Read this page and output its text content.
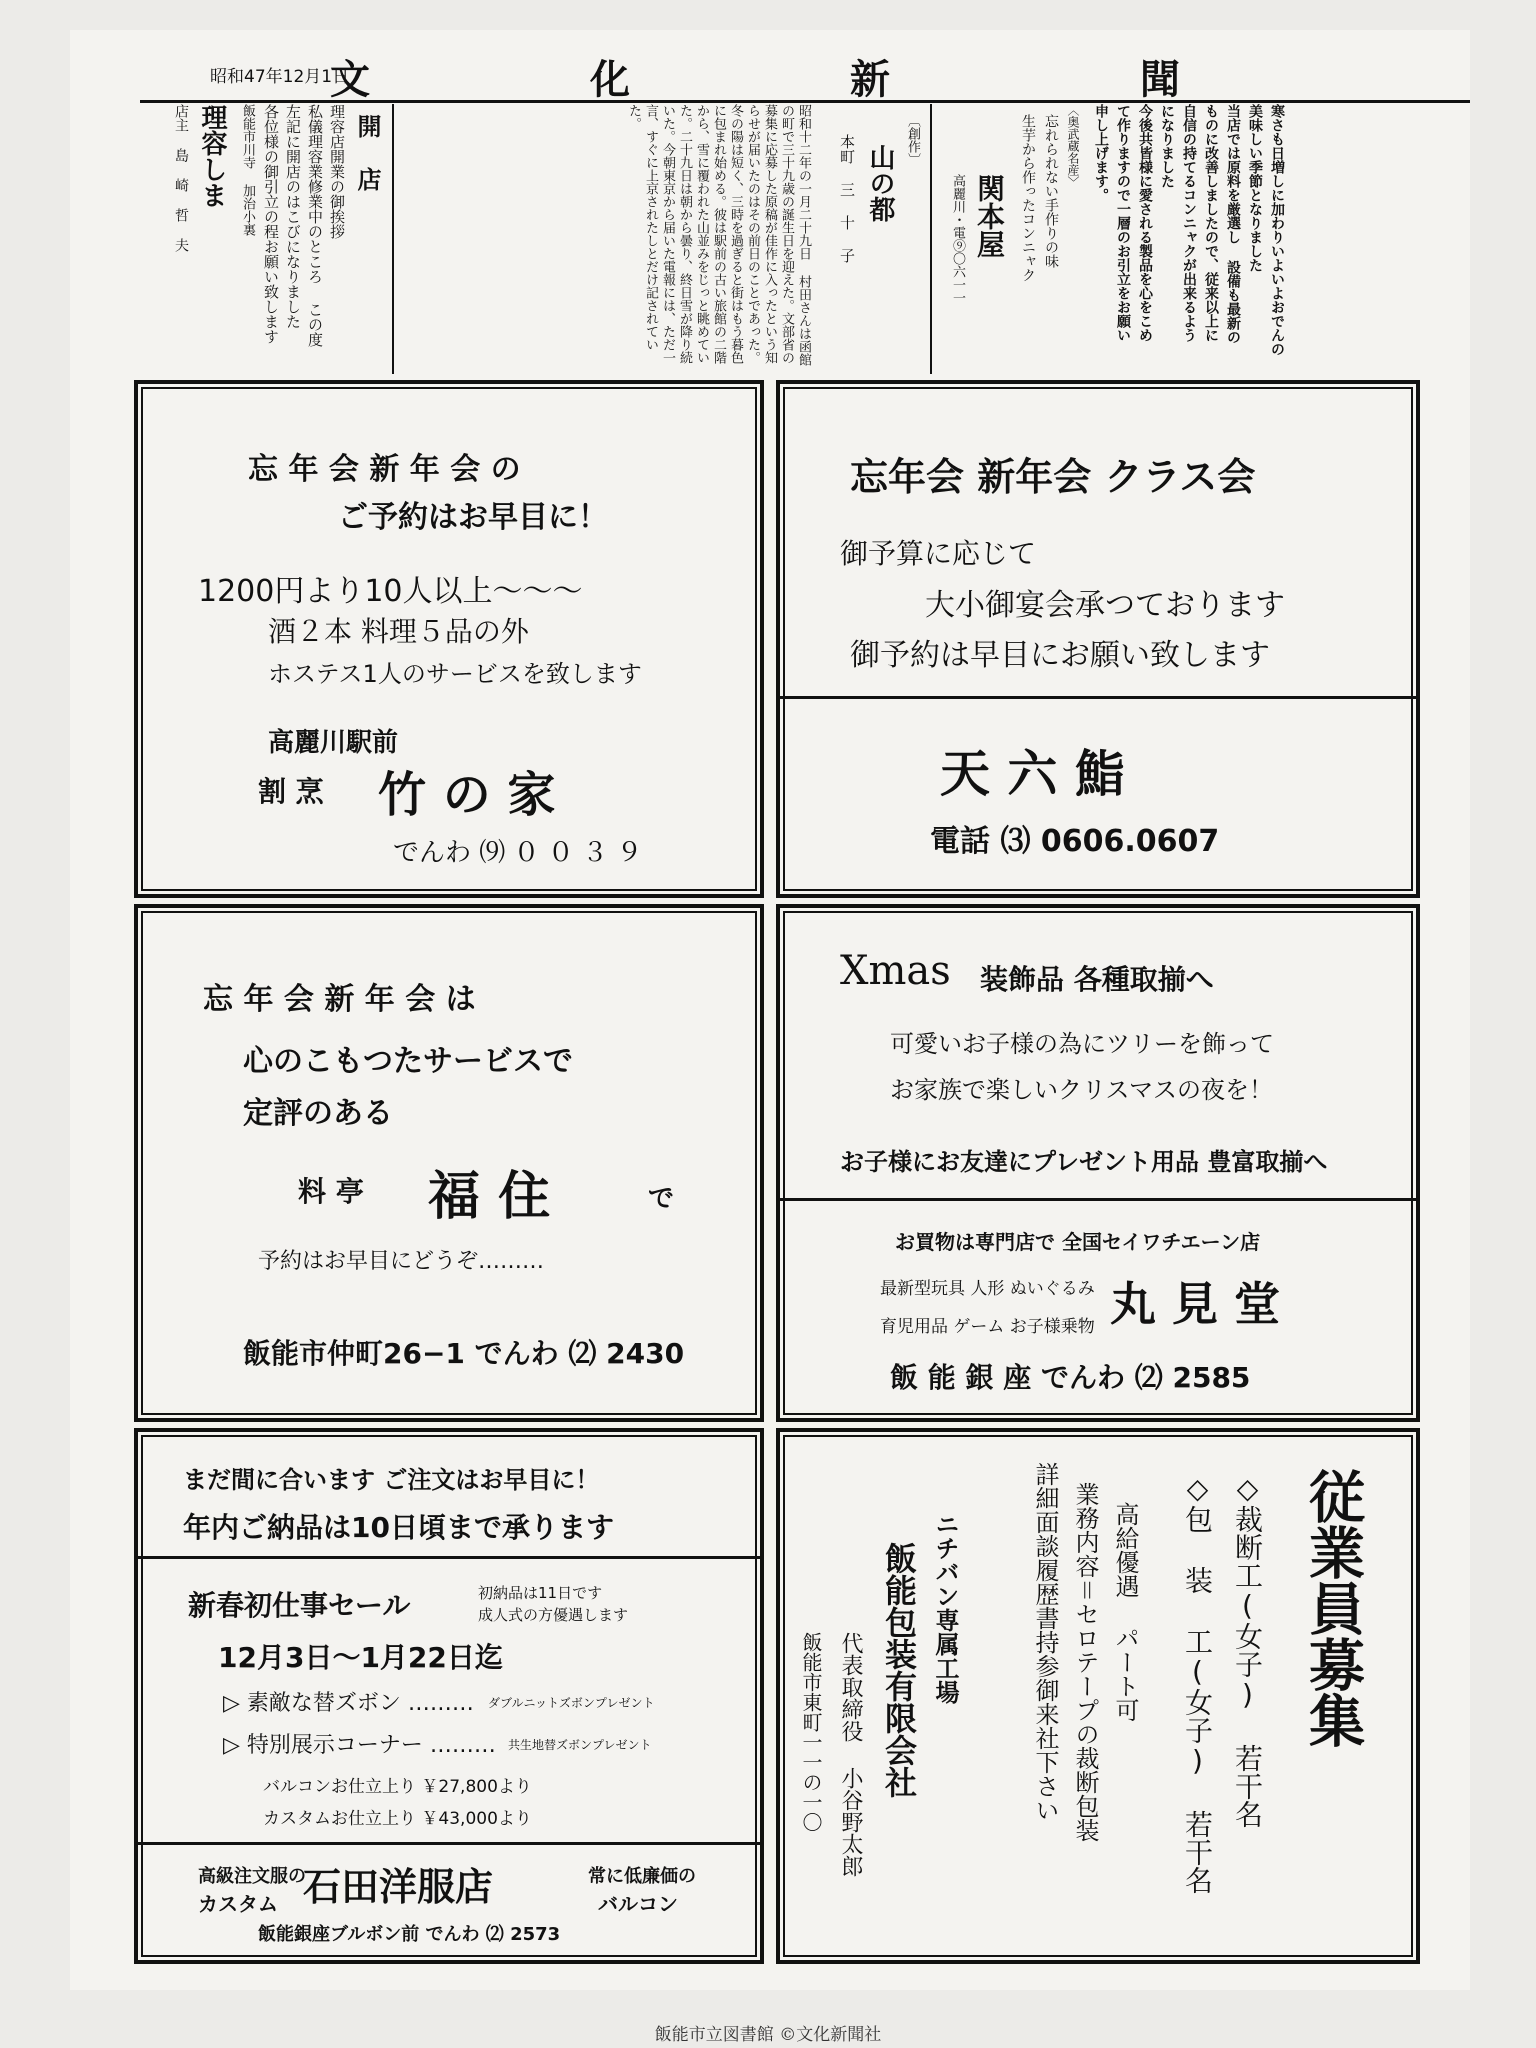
昭和47年12月1日
文	化	新	聞
店主 島 崎 哲 夫 理容しま	飯能市川寺 加治小裏 各位様の御引立の程お願い致します 左記に開店のはこびになりました 私儀理容業修業中のところ この度 理容店開業の御挨拶 開 店	昭和十二年の一月二十九日 村田さんは函館の町で三十九歳の誕生日を迎えた。文部省の募集に応募した原稿が佳作に入ったという知らせが届いたのはその前日のことであった。冬の陽は短く、三時を過ぎると街はもう暮色に包まれ始める。彼は駅前の古い旅館の二階から、雪に覆われた山並みをじっと眺めていた。二十九日は朝から曇り、終日雪が降り続いた。今朝東京から届いた電報には、ただ一言、すぐに上京されたしとだけ記されていた。
本町 三 十 子 山の都
〔創作〕
高麗川・電⑨〇六一一 関本屋	生芋から作ったコンニャク 忘れられない手作りの味 〈奥武蔵名産〉 申し上げます。 て作りますので一層のお引立をお願い 今後共皆様に愛される製品を心をこめ になりました 自信の持てるコンニャクが出来るよう ものに改善しましたので、従来以上に 当店では原料を厳選し 設備も最新の 美味しい季節となりました 寒さも日増しに加わりいよいよおでんの
忘 年 会 新 年 会 の
ご予約はお早目に！
1200円より10人以上〜〜〜
酒２本 料理５品の外
ホステス1人のサービスを致します
高麗川駅前
割 烹 竹 の 家
でんわ ⑼ ０ ０ ３ ９
忘年会 新年会 クラス会
御予算に応じて
大小御宴会承つております
御予約は早目にお願い致します
天 六 鮨
電話 ⑶ 0606.0607
忘 年 会 新 年 会 は
心のこもつたサービスで
定評のある
料 亭 福 住	で
予約はお早目にどうぞ………
飯能市仲町26−1 でんわ ⑵ 2430
Xmas 装飾品 各種取揃へ
可愛いお子様の為にツリーを飾って
お家族で楽しいクリスマスの夜を！
お子様にお友達にプレゼント用品 豊富取揃へ
お買物は専門店で 全国セイワチエーン店
最新型玩具 人形 ぬいぐるみ
育児用品 ゲーム お子様乗物 丸 見 堂
飯 能 銀 座 でんわ ⑵ 2585
まだ間に合います ご注文はお早目に！
年内ご納品は10日頃まで承ります
新春初仕事セール	初納品は11日です
成人式の方優遇します
12月3日〜1月22日迄
▷ 素敵な替ズボン ……… ダブルニットズボンプレゼント
▷ 特別展示コーナー ……… 共生地替ズボンプレゼント
バルコンお仕立上り ￥27,800より
カスタムお仕立上り ￥43,000より
高級注文服の
カスタム 石田洋服店	常に低廉価の
バルコン
飯能銀座ブルボン前 でんわ ⑵ 2573
従業員募集
◇裁断工(女子) 若干名
◇包 装 工(女子) 若干名
高給優遇 パート可
業務内容＝セロテープの裁断包装
詳細面談履歴書持参御来社下さい
ニチバン専属工場
飯能包装有限会社
代表取締役 小谷野太郎
飯能市東町一一の一〇
飯能市立図書館 ©文化新聞社
